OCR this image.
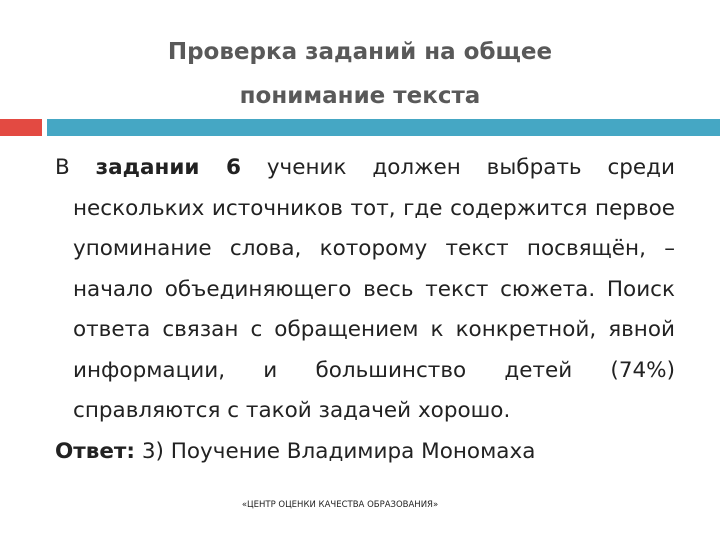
Проверка заданий на общее
понимание текста

В задании 6 ученик должен выбрать среди нескольких источников тот, где содержится первое упоминание слова, которому текст посвящён, – начало объединяющего весь текст сюжета. Поиск ответа связан с обращением к конкретной, явной информации, и большинство детей (74%) справляются с такой задачей хорошо.

Ответ: 3) Поучение Владимира Мономаха

«ЦЕНТР ОЦЕНКИ КАЧЕСТВА ОБРАЗОВАНИЯ»
